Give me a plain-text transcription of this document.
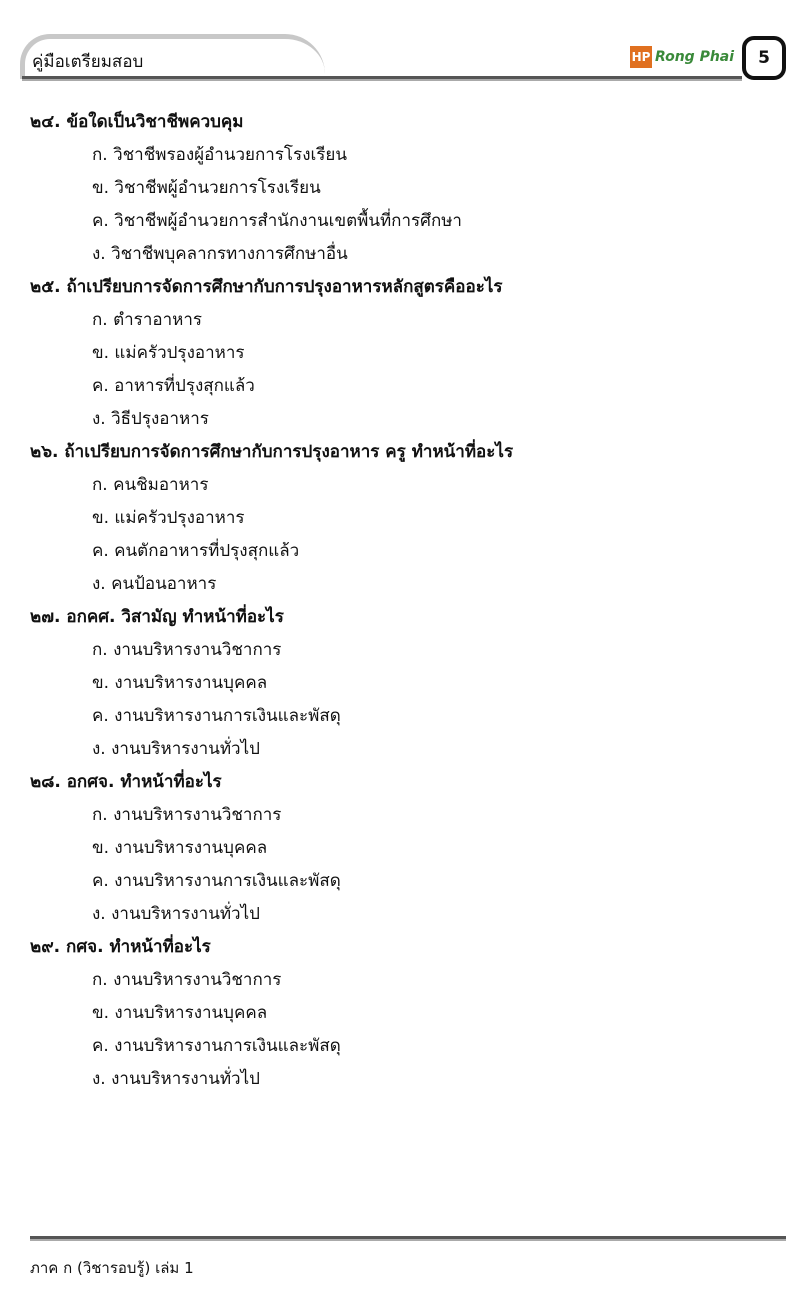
คู่มือเตรียมสอบ	HP Rong Phai	5
๒๔. ข้อใดเป็นวิชาชีพควบคุม
ก. วิชาชีพรองผู้อำนวยการโรงเรียน
ข. วิชาชีพผู้อำนวยการโรงเรียน
ค. วิชาชีพผู้อำนวยการสำนักงานเขตพื้นที่การศึกษา
ง. วิชาชีพบุคลากรทางการศึกษาอื่น
๒๕. ถ้าเปรียบการจัดการศึกษากับการปรุงอาหารหลักสูตรคืออะไร
ก. ตำราอาหาร
ข. แม่ครัวปรุงอาหาร
ค. อาหารที่ปรุงสุกแล้ว
ง. วิธีปรุงอาหาร
๒๖. ถ้าเปรียบการจัดการศึกษากับการปรุงอาหาร ครู ทำหน้าที่อะไร
ก. คนชิมอาหาร
ข. แม่ครัวปรุงอาหาร
ค. คนตักอาหารที่ปรุงสุกแล้ว
ง. คนป้อนอาหาร
๒๗. อกคศ. วิสามัญ ทำหน้าที่อะไร
ก. งานบริหารงานวิชาการ
ข. งานบริหารงานบุคคล
ค. งานบริหารงานการเงินและพัสดุ
ง. งานบริหารงานทั่วไป
๒๘. อกศจ. ทำหน้าที่อะไร
ก. งานบริหารงานวิชาการ
ข. งานบริหารงานบุคคล
ค. งานบริหารงานการเงินและพัสดุ
ง. งานบริหารงานทั่วไป
๒๙. กศจ. ทำหน้าที่อะไร
ก. งานบริหารงานวิชาการ
ข. งานบริหารงานบุคคล
ค. งานบริหารงานการเงินและพัสดุ
ง. งานบริหารงานทั่วไป
ภาค ก (วิชารอบรู้) เล่ม 1
